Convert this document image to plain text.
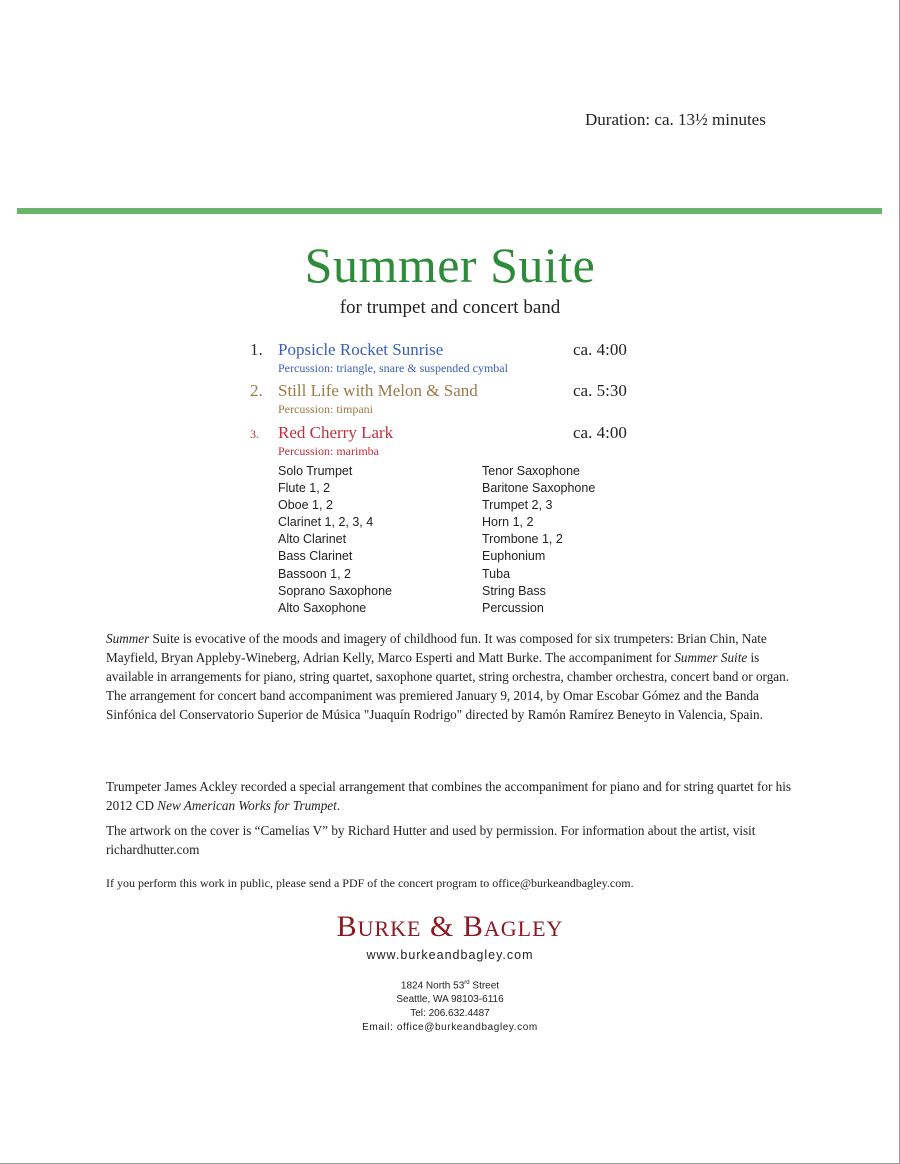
Duration: ca. 13½ minutes
Summer Suite
for trumpet and concert band
1. Popsicle Rocket Sunrise
Percussion: triangle, snare & suspended cymbal
ca. 4:00
2. Still Life with Melon & Sand
Percussion: timpani
ca. 5:30
3. Red Cherry Lark
Percussion: marimba
ca. 4:00
Solo Trumpet
Flute 1, 2
Oboe 1, 2
Clarinet 1, 2, 3, 4
Alto Clarinet
Bass Clarinet
Bassoon 1, 2
Soprano Saxophone
Alto Saxophone
Tenor Saxophone
Baritone Saxophone
Trumpet 2, 3
Horn 1, 2
Trombone 1, 2
Euphonium
Tuba
String Bass
Percussion
Summer Suite is evocative of the moods and imagery of childhood fun. It was composed for six trumpeters: Brian Chin, Nate Mayfield, Bryan Appleby-Wineberg, Adrian Kelly, Marco Esperti and Matt Burke. The accompaniment for Summer Suite is available in arrangements for piano, string quartet, saxophone quartet, string orchestra, chamber orchestra, concert band or organ. The arrangement for concert band accompaniment was premiered January 9, 2014, by Omar Escobar Gómez and the Banda Sinfónica del Conservatorio Superior de Música "Juaquín Rodrigo" directed by Ramón Ramírez Beneyto in Valencia, Spain.
Trumpeter James Ackley recorded a special arrangement that combines the accompaniment for piano and for string quartet for his 2012 CD New American Works for Trumpet.
The artwork on the cover is “Camelias V” by Richard Hutter and used by permission. For information about the artist, visit richardhutter.com
If you perform this work in public, please send a PDF of the concert program to office@burkeandbagley.com.
BURKE & BAGLEY
www.burkeandbagley.com
1824 North 53rd Street
Seattle, WA 98103-6116
Tel: 206.632.4487
Email: office@burkeandbagley.com
